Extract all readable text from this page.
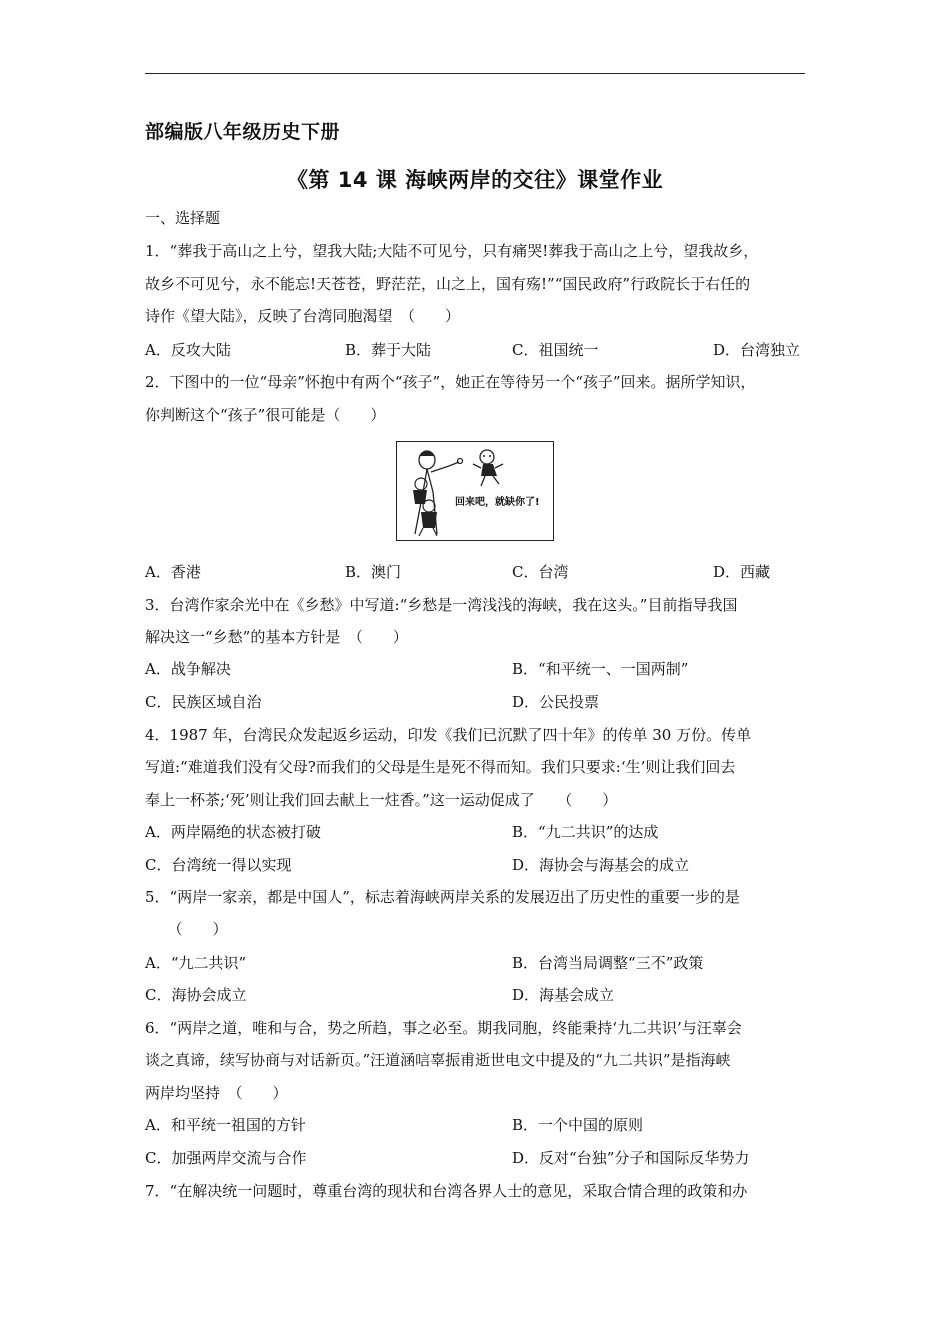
部编版八年级历史下册
《第 14 课 海峡两岸的交往》课堂作业
一、选择题
1．“葬我于高山之上兮，望我大陆;大陆不可见兮，只有痛哭!葬我于高山之上兮，望我故乡，
故乡不可见兮，永不能忘!天苍苍，野茫茫，山之上，国有殇!”“国民政府”行政院长于右任的
诗作《望大陆》，反映了台湾同胞渴望　（　　）
A．反攻大陆	B．葬于大陆	C．祖国统一	D．台湾独立
2．下图中的一位“母亲”怀抱中有两个“孩子”，她正在等待另一个“孩子”回来。据所学知识，
你判断这个“孩子”很可能是（　　）
回来吧，就缺你了!
A．香港	B．澳门	C．台湾	D．西藏
3．台湾作家余光中在《乡愁》中写道:“乡愁是一湾浅浅的海峡，我在这头。”目前指导我国
解决这一“乡愁”的基本方针是　（　　）
A．战争解决	B．“和平统一、一国两制”
C．民族区域自治	D．公民投票
4．1987 年，台湾民众发起返乡运动，印发《我们已沉默了四十年》的传单 30 万份。传单
写道:“难道我们没有父母?而我们的父母是生是死不得而知。我们只要求:‘生’则让我们回去
奉上一杯茶;‘死’则让我们回去献上一炷香。”这一运动促成了　　（　　）
A．两岸隔绝的状态被打破	B．“九二共识”的达成
C．台湾统一得以实现	D．海协会与海基会的成立
5．“两岸一家亲，都是中国人”，标志着海峡两岸关系的发展迈出了历史性的重要一步的是
　　（　　）
A．“九二共识”	B．台湾当局调整“三不”政策
C．海协会成立	D．海基会成立
6．“两岸之道，唯和与合，势之所趋，事之必至。期我同胞，终能秉持‘九二共识’与汪辜会
谈之真谛，续写协商与对话新页。”汪道涵唁辜振甫逝世电文中提及的“九二共识”是指海峡
两岸均坚持　（　　）
A．和平统一祖国的方针	B．一个中国的原则
C．加强两岸交流与合作	D．反对“台独”分子和国际反华势力
7．“在解决统一问题时，尊重台湾的现状和台湾各界人士的意见，采取合情合理的政策和办
